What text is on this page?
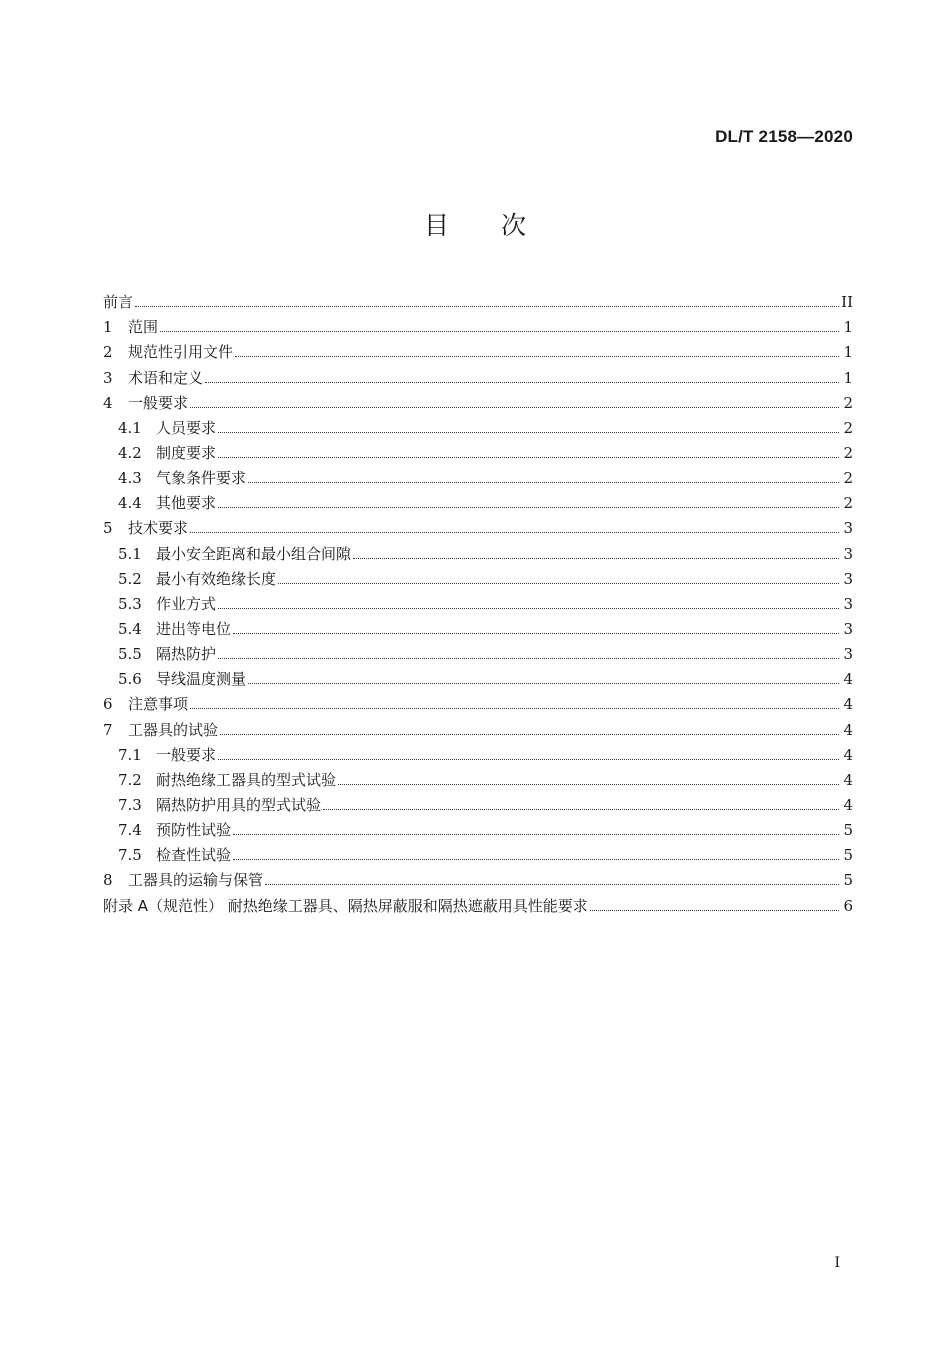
DL/T 2158—2020
目 次
前言	II
1	范围	1
2	规范性引用文件	1
3	术语和定义	1
4	一般要求	2
4.1 人员要求	2
4.2 制度要求	2
4.3 气象条件要求	2
4.4 其他要求	2
5	技术要求	3
5.1 最小安全距离和最小组合间隙	3
5.2 最小有效绝缘长度	3
5.3 作业方式	3
5.4 进出等电位	3
5.5 隔热防护	3
5.6 导线温度测量	4
6	注意事项	4
7	工器具的试验	4
7.1 一般要求	4
7.2 耐热绝缘工器具的型式试验	4
7.3 隔热防护用具的型式试验	4
7.4 预防性试验	5
7.5 检查性试验	5
8	工器具的运输与保管	5
附录 A（规范性） 耐热绝缘工器具、隔热屏蔽服和隔热遮蔽用具性能要求	6
I
